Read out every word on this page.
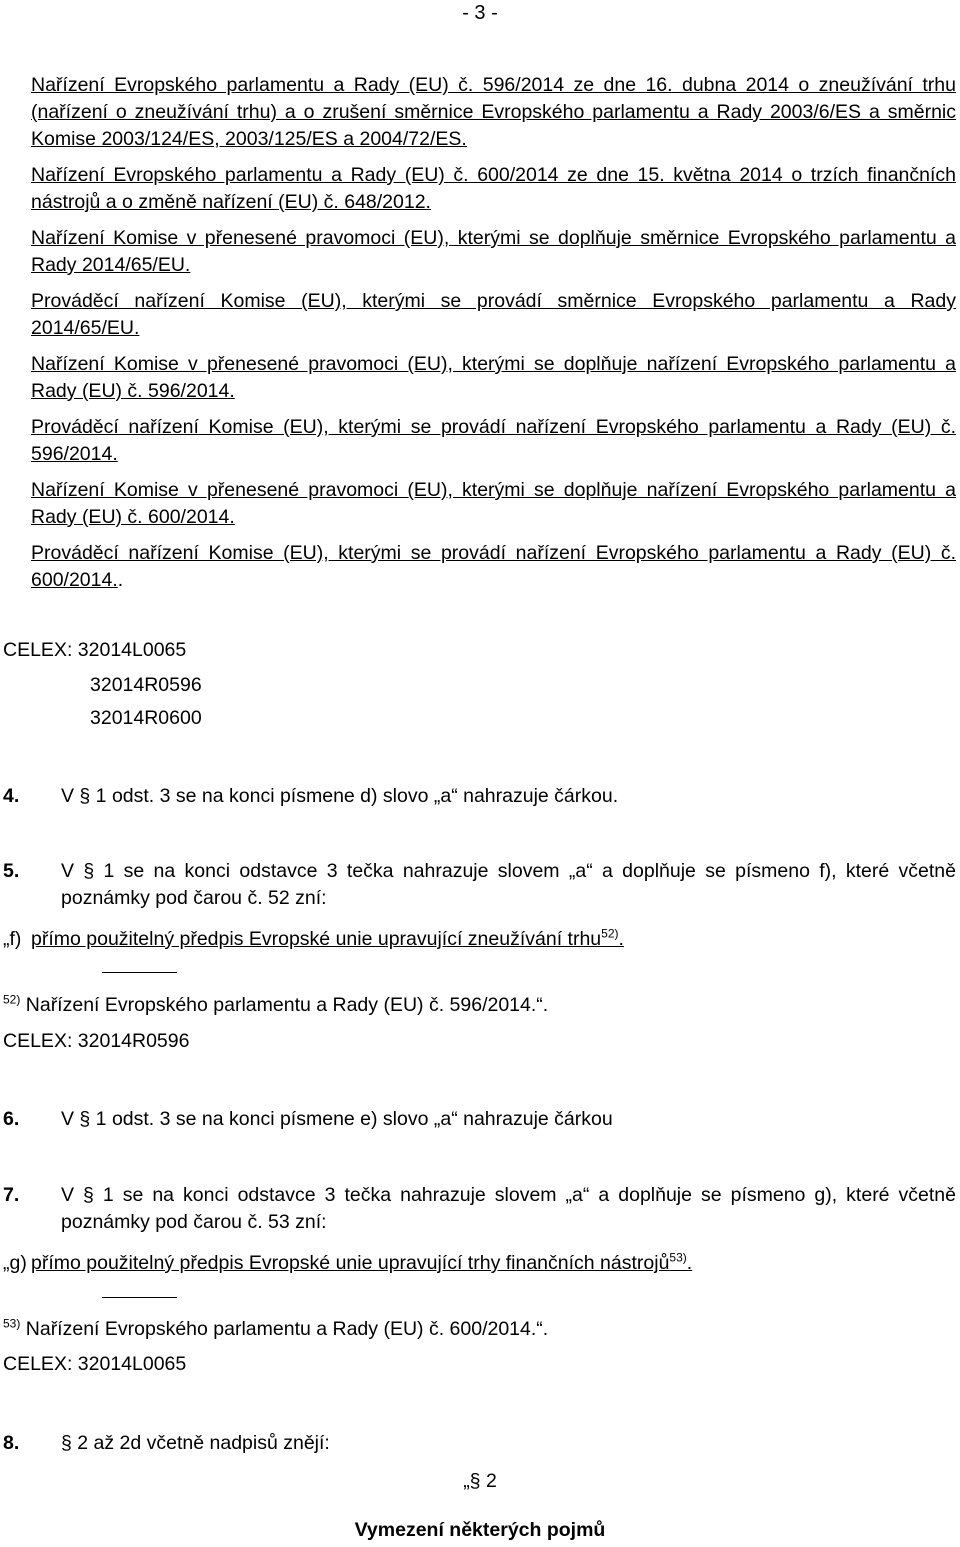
- 3 -

Nařízení Evropského parlamentu a Rady (EU) č. 596/2014 ze dne 16. dubna 2014 o zneužívání trhu (nařízení o zneužívání trhu) a o zrušení směrnice Evropského parlamentu a Rady 2003/6/ES a směrnic Komise 2003/124/ES, 2003/125/ES a 2004/72/ES.

Nařízení Evropského parlamentu a Rady (EU) č. 600/2014 ze dne 15. května 2014 o trzích finančních nástrojů a o změně nařízení (EU) č. 648/2012.

Nařízení Komise v přenesené pravomoci (EU), kterými se doplňuje směrnice Evropského parlamentu a Rady 2014/65/EU.

Prováděcí nařízení Komise (EU), kterými se provádí směrnice Evropského parlamentu a Rady 2014/65/EU.

Nařízení Komise v přenesené pravomoci (EU), kterými se doplňuje nařízení Evropského parlamentu a Rady (EU) č. 596/2014.

Prováděcí nařízení Komise (EU), kterými se provádí nařízení Evropského parlamentu a Rady (EU) č. 596/2014.

Nařízení Komise v přenesené pravomoci (EU), kterými se doplňuje nařízení Evropského parlamentu a Rady (EU) č. 600/2014.

Prováděcí nařízení Komise (EU), kterými se provádí nařízení Evropského parlamentu a Rady (EU) č. 600/2014..

CELEX: 32014L0065
32014R0596
32014R0600
4. V § 1 odst. 3 se na konci písmene d) slovo „a“ nahrazuje čárkou.
5. V § 1 se na konci odstavce 3 tečka nahrazuje slovem „a“ a doplňuje se písmeno f), které včetně poznámky pod čarou č. 52 zní:
„f) přímo použitelný předpis Evropské unie upravující zneužívání trhu$^{52)}$.
$^{52)}$ Nařízení Evropského parlamentu a Rady (EU) č. 596/2014.“.
CELEX: 32014R0596
6. V § 1 odst. 3 se na konci písmene e) slovo „a“ nahrazuje čárkou
7. V § 1 se na konci odstavce 3 tečka nahrazuje slovem „a“ a doplňuje se písmeno g), které včetně poznámky pod čarou č. 53 zní:
„g) přímo použitelný předpis Evropské unie upravující trhy finančních nástrojů$^{53)}$.
$^{53)}$ Nařízení Evropského parlamentu a Rady (EU) č. 600/2014.“.
CELEX: 32014L0065
8. § 2 až 2d včetně nadpisů znějí:
„§ 2
Vymezení některých pojmů
